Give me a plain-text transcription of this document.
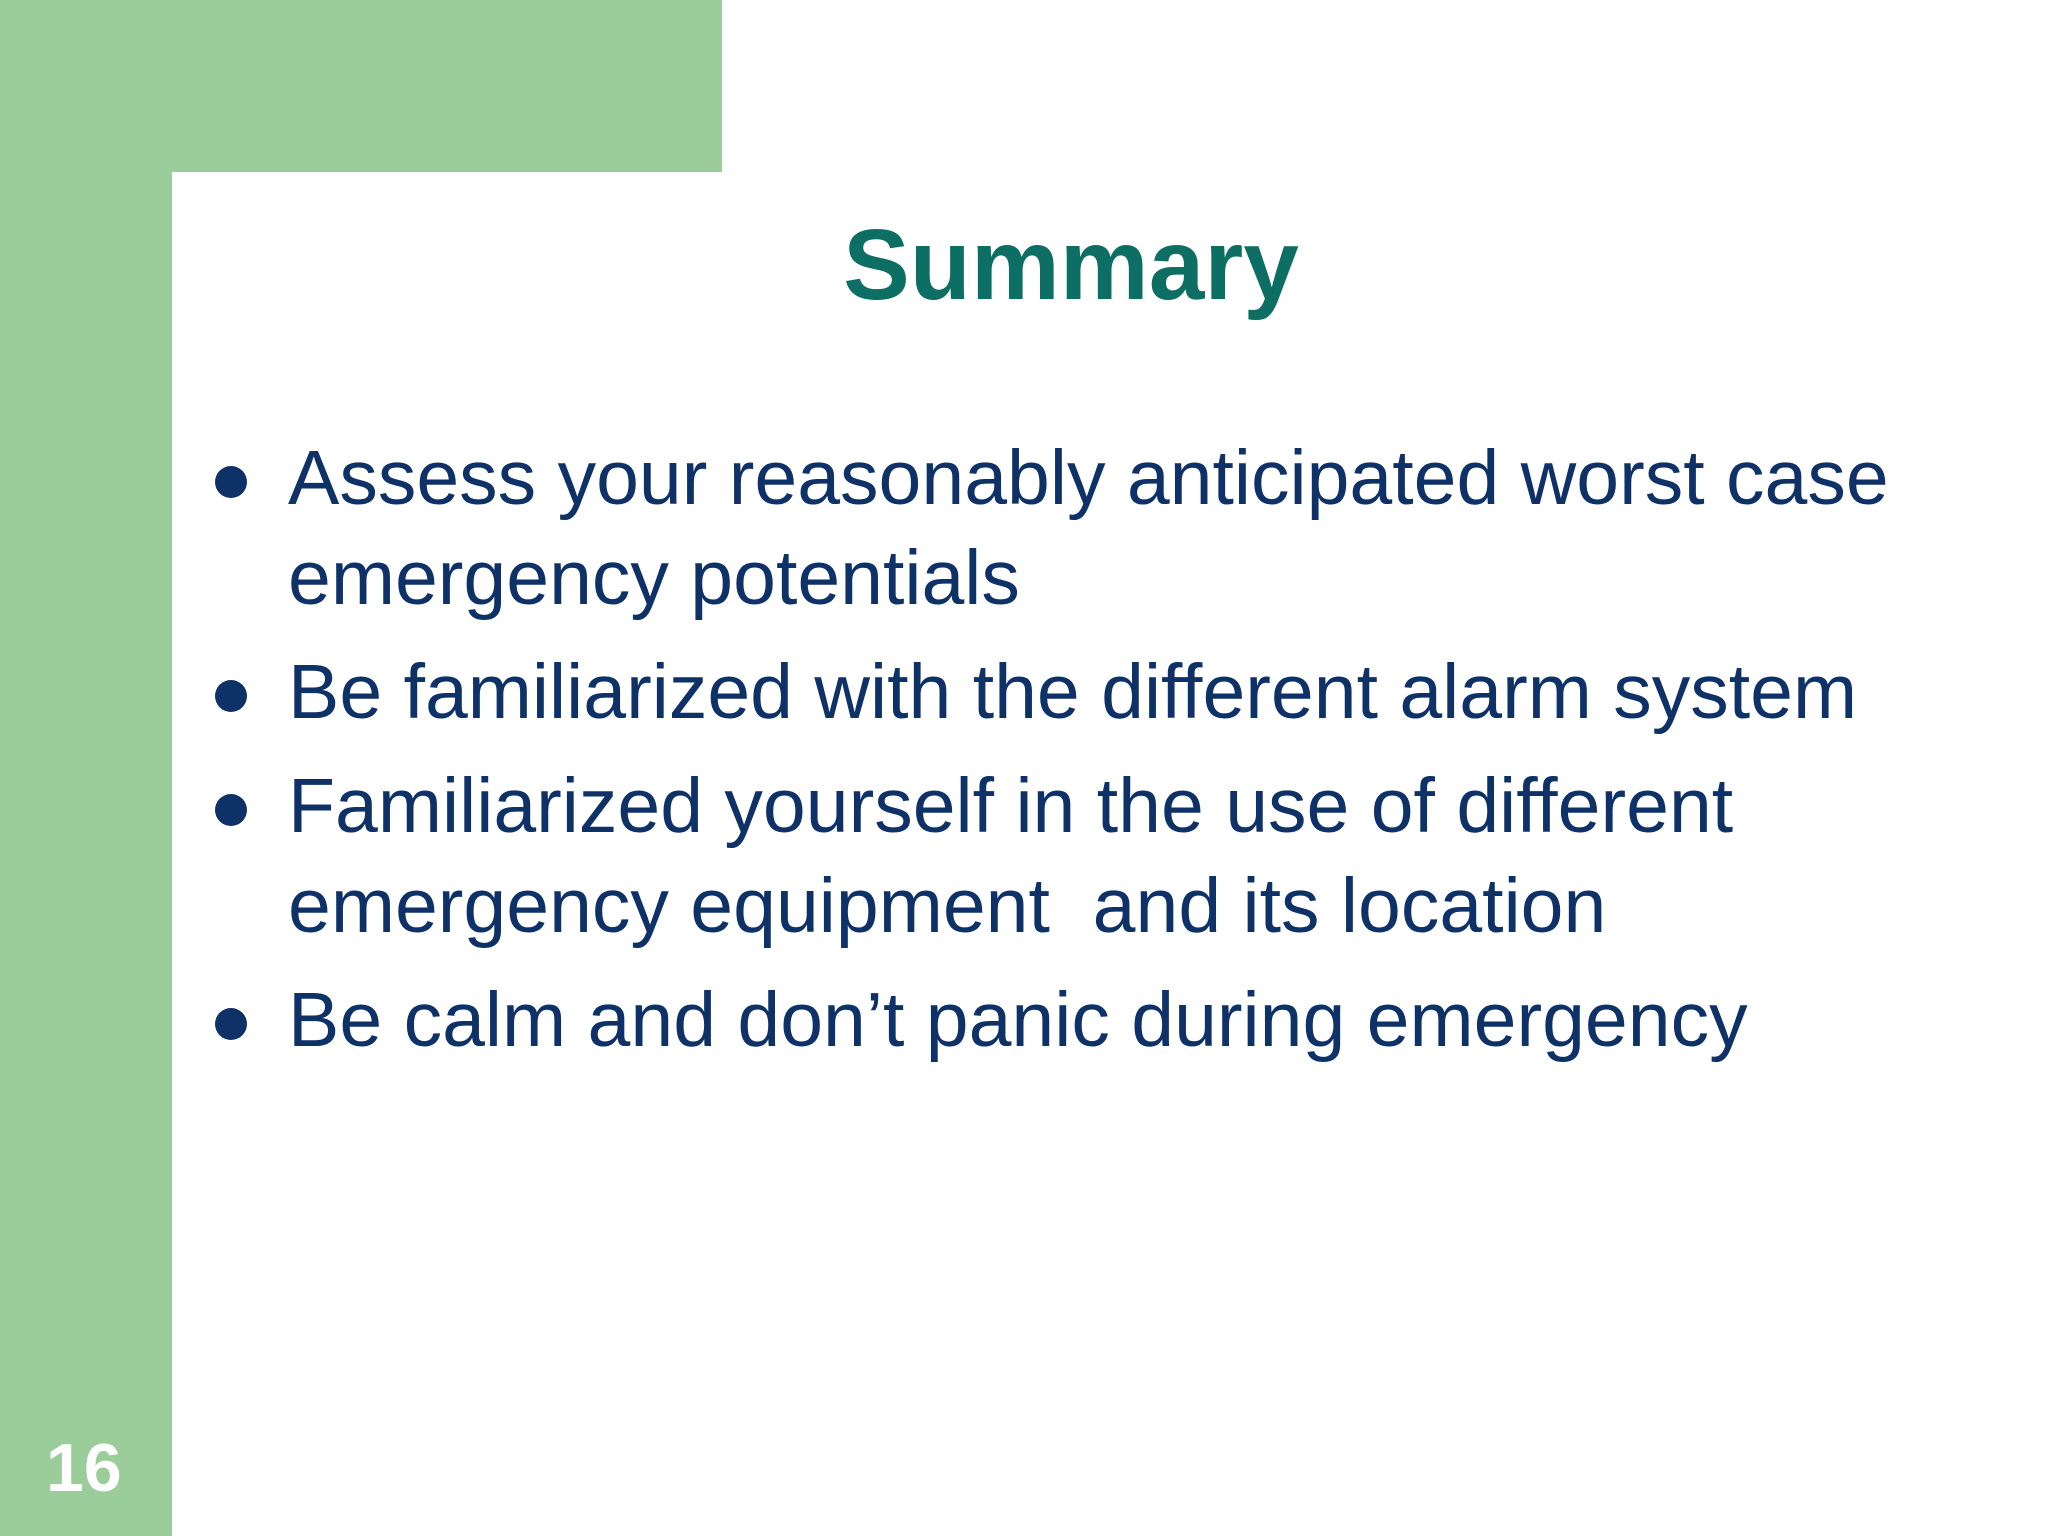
Summary
Assess your reasonably anticipated worst case emergency potentials
Be familiarized with the different alarm system
Familiarized yourself in the use of different emergency equipment  and its location
Be calm and don’t panic during emergency
16
